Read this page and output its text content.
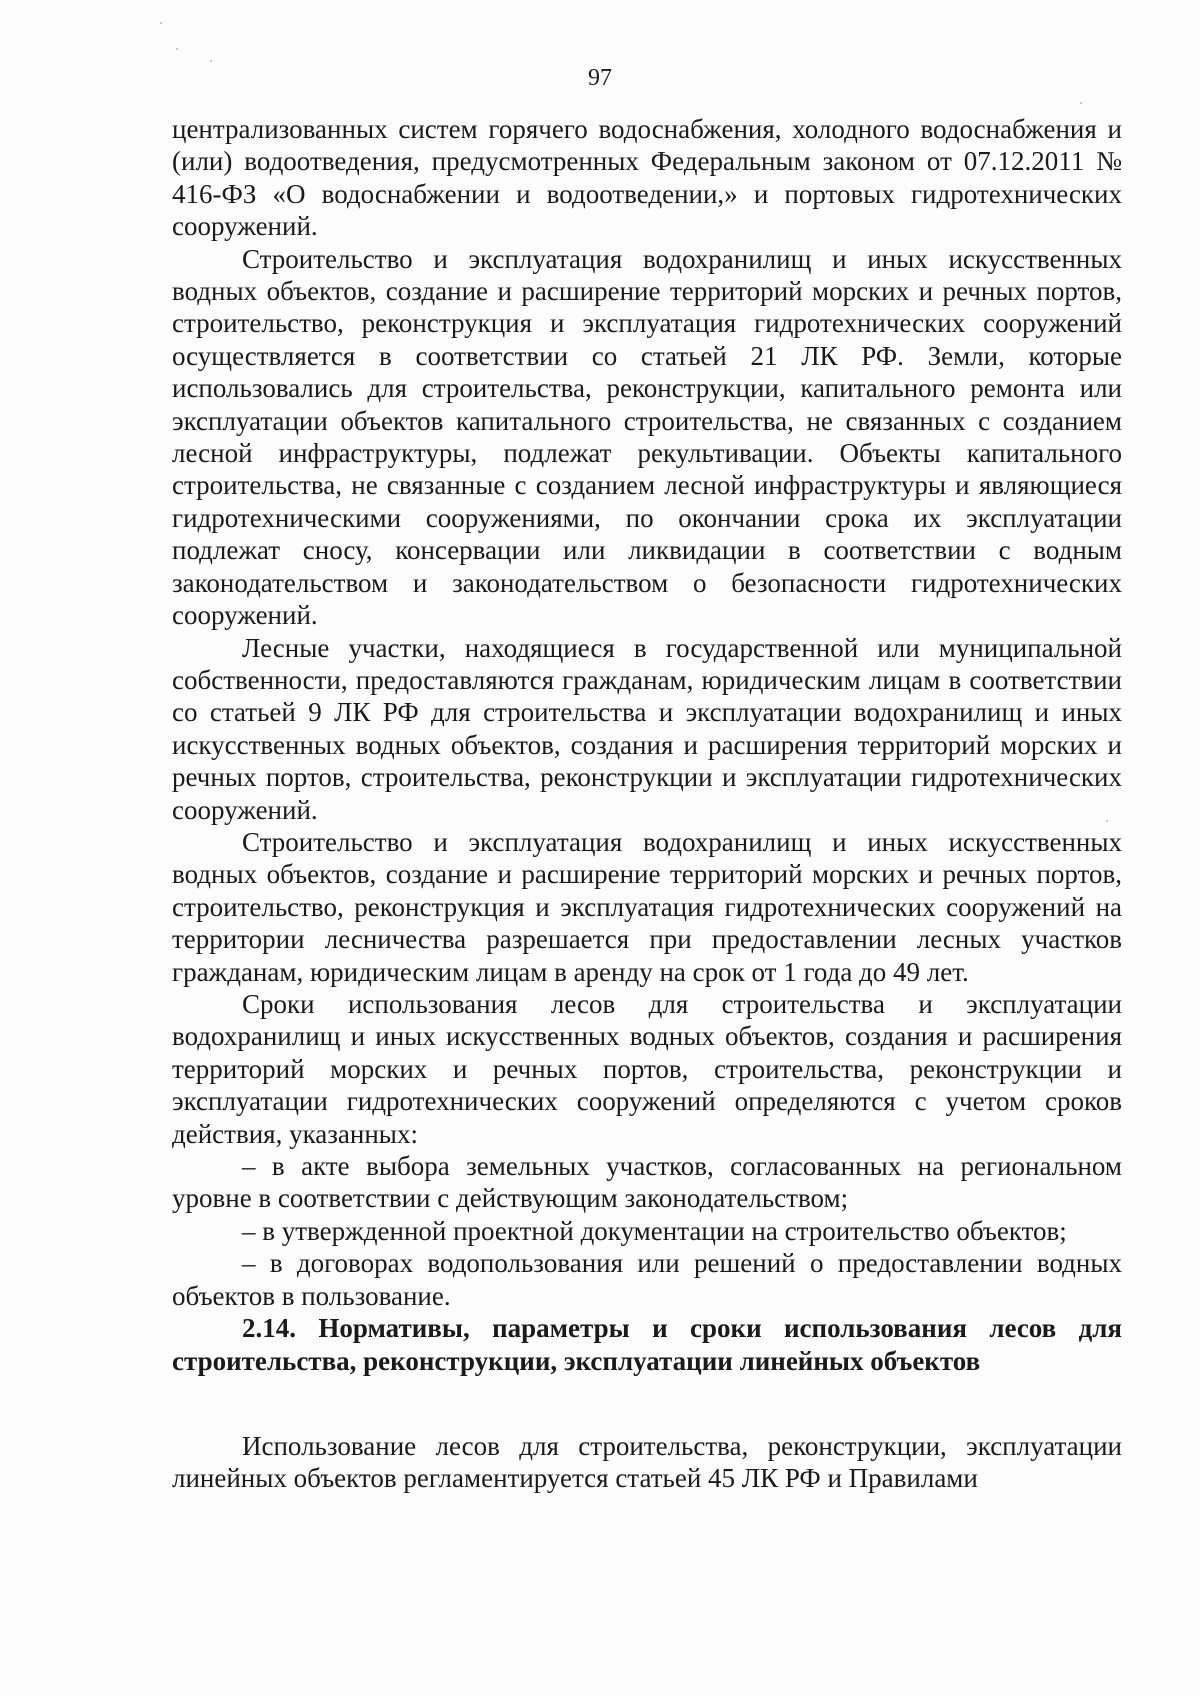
97

централизованных систем горячего водоснабжения, холодного водоснабжения и (или) водоотведения, предусмотренных Федеральным законом от 07.12.2011 № 416-ФЗ «О водоснабжении и водоотведении,» и портовых гидротехнических сооружений.

Строительство и эксплуатация водохранилищ и иных искусственных водных объектов, создание и расширение территорий морских и речных портов, строительство, реконструкция и эксплуатация гидротехнических сооружений осуществляется в соответствии со статьей 21 ЛК РФ. Земли, которые использовались для строительства, реконструкции, капитального ремонта или эксплуатации объектов капитального строительства, не связанных с созданием лесной инфраструктуры, подлежат рекультивации. Объекты капитального строительства, не связанные с созданием лесной инфраструктуры и являющиеся гидротехническими сооружениями, по окончании срока их эксплуатации подлежат сносу, консервации или ликвидации в соответствии с водным законодательством и законодательством о безопасности гидротехнических сооружений.

Лесные участки, находящиеся в государственной или муниципальной собственности, предоставляются гражданам, юридическим лицам в соответствии со статьей 9 ЛК РФ для строительства и эксплуатации водохранилищ и иных искусственных водных объектов, создания и расширения территорий морских и речных портов, строительства, реконструкции и эксплуатации гидротехнических сооружений.

Строительство и эксплуатация водохранилищ и иных искусственных водных объектов, создание и расширение территорий морских и речных портов, строительство, реконструкция и эксплуатация гидротехнических сооружений на территории лесничества разрешается при предоставлении лесных участков гражданам, юридическим лицам в аренду на срок от 1 года до 49 лет.

Сроки использования лесов для строительства и эксплуатации водохранилищ и иных искусственных водных объектов, создания и расширения территорий морских и речных портов, строительства, реконструкции и эксплуатации гидротехнических сооружений определяются с учетом сроков действия, указанных:

– в акте выбора земельных участков, согласованных на региональном уровне в соответствии с действующим законодательством;

– в утвержденной проектной документации на строительство объектов;

– в договорах водопользования или решений о предоставлении водных объектов в пользование.

2.14. Нормативы, параметры и сроки использования лесов для строительства, реконструкции, эксплуатации линейных объектов

Использование лесов для строительства, реконструкции, эксплуатации линейных объектов регламентируется статьей 45 ЛК РФ и Правилами
